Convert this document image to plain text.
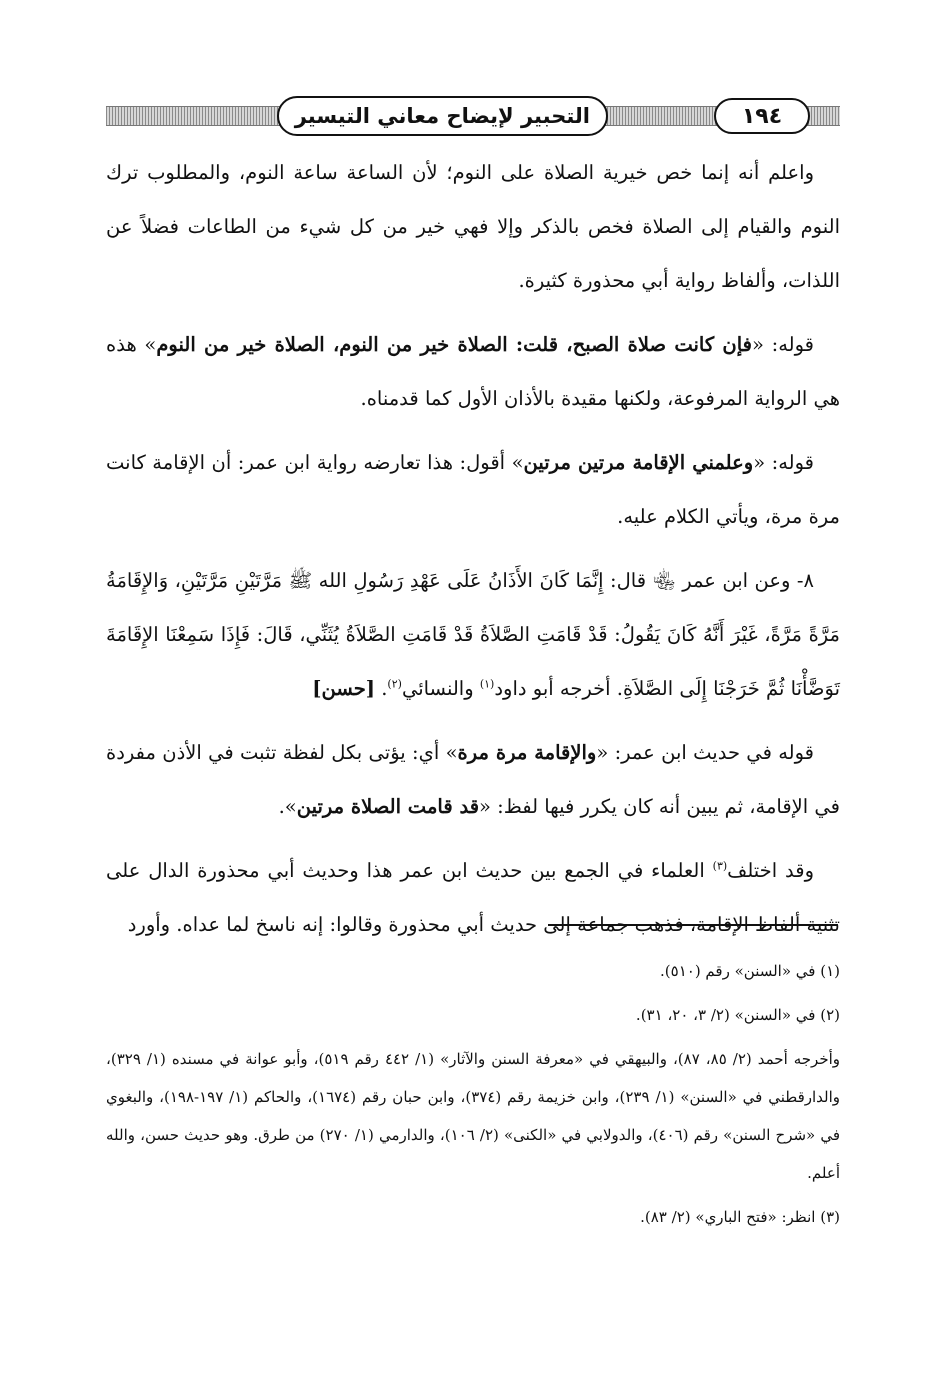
التحبير لإيضاح معاني التيسير	١٩٤

واعلم أنه إنما خص خيرية الصلاة على النوم؛ لأن الساعة ساعة النوم، والمطلوب ترك النوم والقيام إلى الصلاة فخص بالذكر وإلا فهي خير من كل شيء من الطاعات فضلاً عن اللذات، وألفاظ رواية أبي محذورة كثيرة.

قوله: «فإن كانت صلاة الصبح، قلت: الصلاة خير من النوم، الصلاة خير من النوم» هذه هي الرواية المرفوعة، ولكنها مقيدة بالأذان الأول كما قدمناه.

قوله: «وعلمني الإقامة مرتين مرتين» أقول: هذا تعارضه رواية ابن عمر: أن الإقامة كانت مرة مرة، ويأتي الكلام عليه.

٨- وعن ابن عمر ﵄ قال: إِنَّمَا كَانَ الأَذَانُ عَلَى عَهْدِ رَسُولِ الله ﷺ مَرَّتَيْنِ مَرَّتَيْنِ، وَالإِقَامَةُ مَرَّةً مَرَّةً، غَيْرَ أَنَّهُ كَانَ يَقُولُ: قَدْ قَامَتِ الصَّلاَةُ قَدْ قَامَتِ الصَّلاَةُ يُثَنِّي، قَالَ: فَإِذَا سَمِعْنَا الإِقَامَةَ تَوَضَّأْنَا ثُمَّ خَرَجْنَا إِلَى الصَّلاَةِ. أخرجه أبو داود$^{(١)}$ والنسائي$^{(٢)}$. [حسن]

قوله في حديث ابن عمر: «والإقامة مرة مرة» أي: يؤتى بكل لفظة تثبت في الأذن مفردة في الإقامة، ثم يبين أنه كان يكرر فيها لفظ: «قد قامت الصلاة مرتين».

وقد اختلف$^{(٣)}$ العلماء في الجمع بين حديث ابن عمر هذا وحديث أبي محذورة الدال على تثنية ألفاظ الإقامة، فذهب جماعة إلى حديث أبي محذورة وقالوا: إنه ناسخ لما عداه. وأورد

(١) في «السنن» رقم (٥١٠).

(٢) في «السنن» (٢/ ٣، ٢٠، ٣١).

وأخرجه أحمد (٢/ ٨٥، ٨٧)، والبيهقي في «معرفة السنن والآثار» (١/ ٤٤٢ رقم ٥١٩)، وأبو عوانة في مسنده (١/ ٣٢٩)، والدارقطني في «السنن» (١/ ٢٣٩)، وابن خزيمة رقم (٣٧٤)، وابن حبان رقم (١٦٧٤)، والحاكم (١/ ١٩٧-١٩٨)، والبغوي في «شرح السنن» رقم (٤٠٦)، والدولابي في «الكنى» (٢/ ١٠٦)، والدارمي (١/ ٢٧٠) من طرق. وهو حديث حسن، والله أعلم.

(٣) انظر: «فتح الباري» (٢/ ٨٣).
